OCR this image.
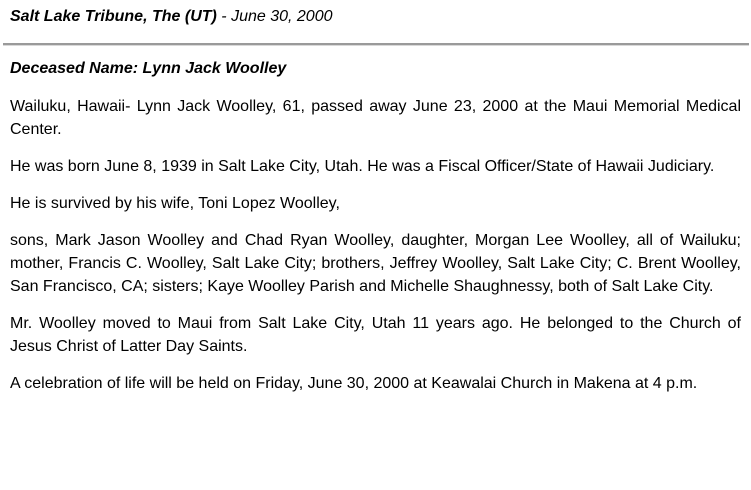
Salt Lake Tribune, The (UT) - June 30, 2000
Deceased Name: Lynn Jack Woolley

Wailuku, Hawaii- Lynn Jack Woolley, 61, passed away June 23, 2000 at the Maui Memorial Medical Center.

He was born June 8, 1939 in Salt Lake City, Utah. He was a Fiscal Officer/State of Hawaii Judiciary.

He is survived by his wife, Toni Lopez Woolley,

sons, Mark Jason Woolley and Chad Ryan Woolley, daughter, Morgan Lee Woolley, all of Wailuku; mother, Francis C. Woolley, Salt Lake City; brothers, Jeffrey Woolley, Salt Lake City; C. Brent Woolley, San Francisco, CA; sisters; Kaye Woolley Parish and Michelle Shaughnessy, both of Salt Lake City.

Mr. Woolley moved to Maui from Salt Lake City, Utah 11 years ago. He belonged to the Church of Jesus Christ of Latter Day Saints.

A celebration of life will be held on Friday, June 30, 2000 at Keawalai Church in Makena at 4 p.m.
